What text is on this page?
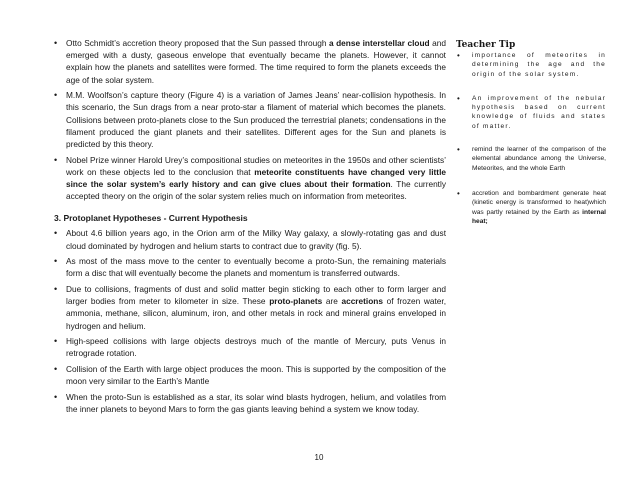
• Otto Schmidt’s accretion theory proposed that the Sun passed through a dense interstellar cloud and emerged with a dusty, gaseous envelope that eventually became the planets. However, it cannot explain how the planets and satellites were formed. The time required to form the planets exceeds the age of the solar system.
• M.M. Woolfson’s capture theory (Figure 4) is a variation of James Jeans’ near-collision hypothesis. In this scenario, the Sun drags from a near proto-star a filament of material which becomes the planets. Collisions between proto-planets close to the Sun produced the terrestrial planets; condensations in the filament produced the giant planets and their satellites. Different ages for the Sun and planets is predicted by this theory.
• Nobel Prize winner Harold Urey’s compositional studies on meteorites in the 1950s and other scientists’ work on these objects led to the conclusion that meteorite constituents have changed very little since the solar system’s early history and can give clues about their formation. The currently accepted theory on the origin of the solar system relies much on information from meteorites.
3. Protoplanet Hypotheses - Current Hypothesis
• About 4.6 billion years ago, in the Orion arm of the Milky Way galaxy, a slowly-rotating gas and dust cloud dominated by hydrogen and helium starts to contract due to gravity (fig. 5).
• As most of the mass move to the center to eventually become a proto-Sun, the remaining materials form a disc that will eventually become the planets and momentum is transferred outwards.
• Due to collisions, fragments of dust and solid matter begin sticking to each other to form larger and larger bodies from meter to kilometer in size. These proto-planets are accretions of frozen water, ammonia, methane, silicon, aluminum, iron, and other metals in rock and mineral grains enveloped in hydrogen and helium.
• High-speed collisions with large objects destroys much of the mantle of Mercury, puts Venus in retrograde rotation.
• Collision of the Earth with large object produces the moon. This is supported by the composition of the moon very similar to the Earth’s Mantle
• When the proto-Sun is established as a star, its solar wind blasts hydrogen, helium, and volatiles from the inner planets to beyond Mars to form the gas giants leaving behind a system we know today.
Teacher Tip
• importance of meteorites in determining the age and the origin of the solar system.
• An improvement of the nebular hypothesis based on current knowledge of fluids and states of matter.
• remind the learner of the comparison of the elemental abundance among the Universe, Meteorites, and the whole Earth
• accretion and bombardment generate heat (kinetic energy is transformed to heat)which was partly retained by the Earth as internal heat;
10
